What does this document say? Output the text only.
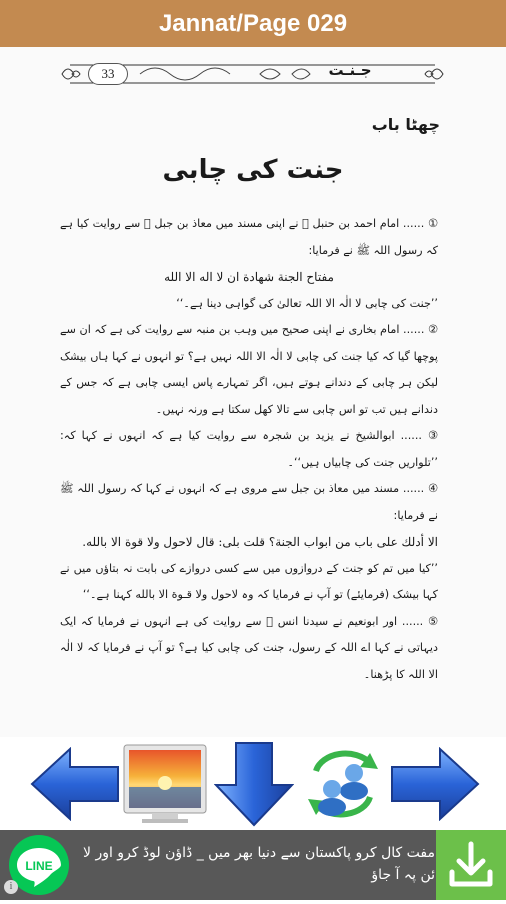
Jannat/Page 029
33	جـنـت
چھٹا باب
جنت کی چابی

① ...... امام احمد بن حنبل ﷫ نے اپنی مسند میں معاذ بن جبل ﷜ سے روایت کیا ہے کہ رسول اللہ ﷺ نے فرمایا:

مفتاح الجنة شهادة ان لا اله الا الله

’’جنت کی چابی لا الٰہ الا اللہ تعالیٰ کی گواہی دینا ہے۔‘‘

② ...... امام بخاری نے اپنی صحیح میں وہب بن منبہ سے روایت کی ہے کہ ان سے پوچھا گیا کہ کیا جنت کی چابی لا الٰہ الا اللہ نہیں ہے؟ تو انہوں نے کہا ہاں بیشک لیکن ہر چابی کے دندانے ہوتے ہیں، اگر تمہارے پاس ایسی چابی ہے کہ جس کے دندانے ہیں تب تو اس چابی سے تالا کھل سکتا ہے ورنہ نہیں۔

③ ...... ابوالشیخ نے یزید بن شجرہ سے روایت کیا ہے کہ انہوں نے کہا کہ: ’’تلواریں جنت کی چابیاں ہیں‘‘۔

④ ...... مسند میں معاذ بن جبل سے مروی ہے کہ انہوں نے کہا کہ رسول اللہ ﷺ نے فرمایا:

الا أدلك على باب من ابواب الجنة؟ قلت بلى: قال لاحول ولا قوة الا بالله.

’’کیا میں تم کو جنت کے دروازوں میں سے کسی دروازے کی بابت نہ بتاؤں میں نے کہا بیشک (فرمایئے) تو آپ نے فرمایا کہ وہ لاحول ولا قـوة الا بالله کہنا ہے۔‘‘

⑤ ...... اور ابونعیم نے سیدنا انس ﷜ سے روایت کی ہے انہوں نے فرمایا کہ ایک دیہاتی نے کہا اے اللہ کے رسول، جنت کی چابی کیا ہے؟ تو آپ نے فرمایا کہ لا الٰہ الا اللہ کا پڑھنا۔

LINE
مفت کال کرو پاکستان سے دنیا بھر میں _ ڈاؤن لوڈ کرو اور لا ئن پہ آ جاؤ
i
